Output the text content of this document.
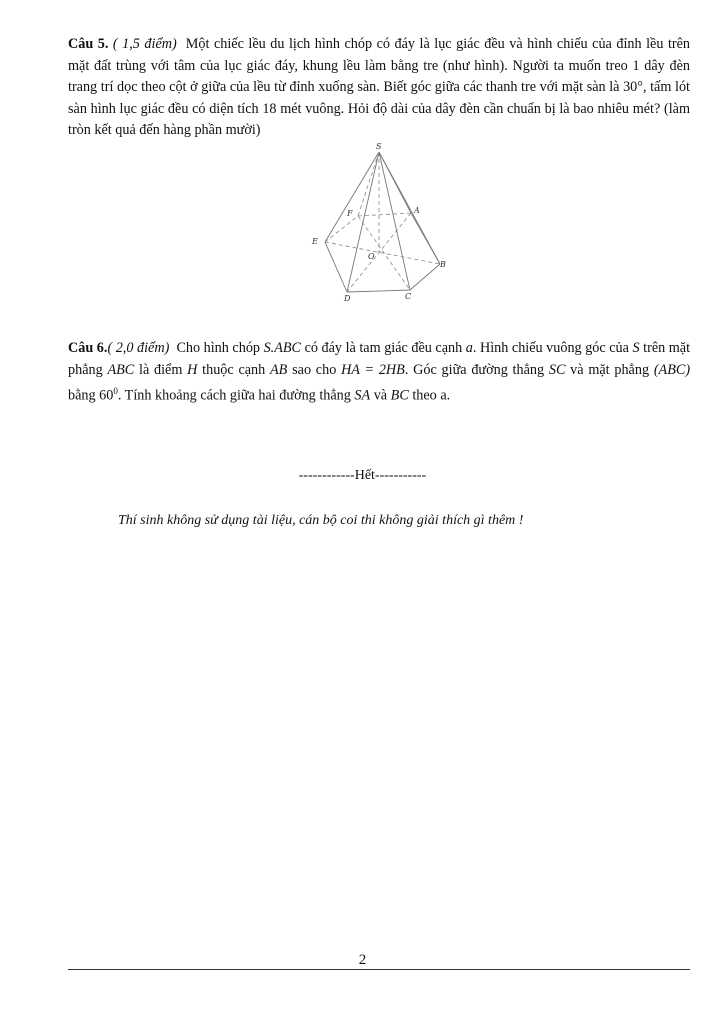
Câu 5. ( 1,5 điểm) Một chiếc lều du lịch hình chóp có đáy là lục giác đều và hình chiếu của đỉnh lều trên mặt đất trùng với tâm của lục giác đáy, khung lều làm bằng tre (như hình). Người ta muốn treo 1 dây đèn trang trí dọc theo cột ở giữa của lều từ đỉnh xuống sàn. Biết góc giữa các thanh tre với mặt sàn là 30°, tấm lót sàn hình lục giác đều có diện tích 18 mét vuông. Hỏi độ dài của dây đèn cần chuẩn bị là bao nhiêu mét? (làm tròn kết quả đến hàng phần mười)
S
F	A
E
O
B
D	C
Câu 6.( 2,0 điểm) Cho hình chóp S.ABC có đáy là tam giác đều cạnh a. Hình chiếu vuông góc của S trên mặt phẳng ABC là điểm H thuộc cạnh AB sao cho HA = 2HB. Góc giữa đường thẳng SC và mặt phẳng (ABC) bằng $60^0$. Tính khoảng cách giữa hai đường thẳng SA và BC theo a.
------------Hết-----------
Thí sinh không sử dụng tài liệu, cán bộ coi thi không giải thích gì thêm !
2
